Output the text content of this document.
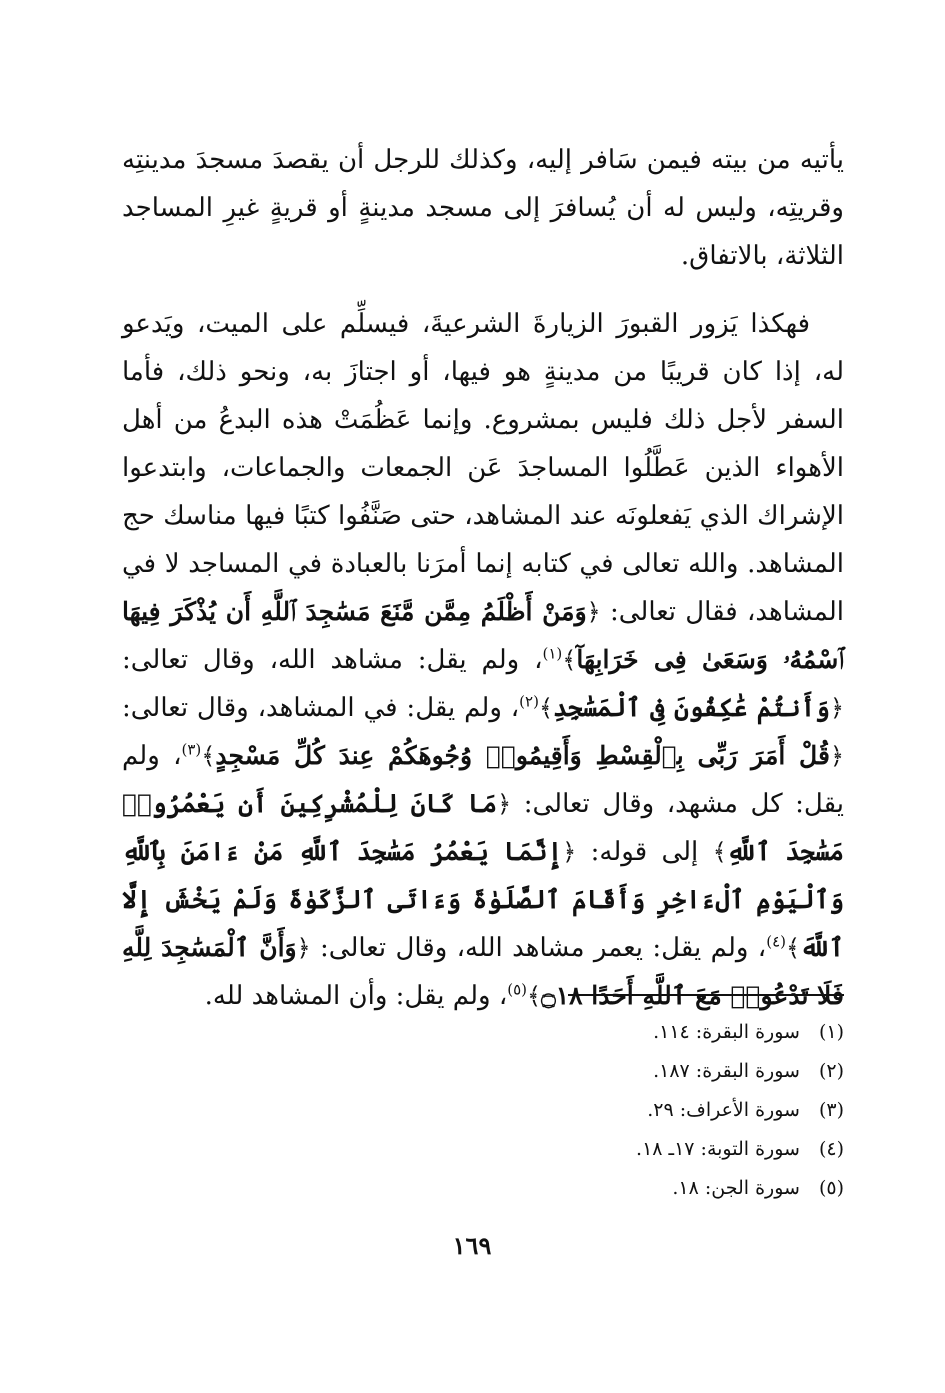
يأتيه من بيته فيمن سَافر إليه، وكذلك للرجل أن يقصدَ مسجدَ مدينتِه وقريتِه، وليس له أن يُسافرَ إلى مسجد مدينةٍ أو قريةٍ غيرِ المساجد الثلاثة، بالاتفاق.

فهكذا يَزور القبورَ الزيارةَ الشرعيةَ، فيسلِّم على الميت، ويَدعو له، إذا كان قريبًا من مدينةٍ هو فيها، أو اجتازَ به، ونحو ذلك، فأما السفر لأجل ذلك فليس بمشروع. وإنما عَظُمَتْ هذه البدعُ من أهل الأهواء الذين عَطَّلُوا المساجدَ عَن الجمعات والجماعات، وابتدعوا الإشراك الذي يَفعلونَه عند المشاهد، حتى صَنَّفُوا كتبًا فيها مناسك حج المشاهد. والله تعالى في كتابه إنما أمرَنا بالعبادة في المساجد لا في المشاهد، فقال تعالى: ﴿وَمَنْ أَظْلَمُ مِمَّن مَّنَعَ مَسَٰجِدَ ٱللَّهِ أَن يُذْكَرَ فِيهَا ٱسْمُهُۥ وَسَعَىٰ فِى خَرَابِهَآ﴾$^{(١)}$، ولم يقل: مشاهد الله، وقال تعالى: ﴿وَأَنتُمْ عَٰكِفُونَ فِى ٱلْمَسَٰجِدِ﴾$^{(٢)}$، ولم يقل: في المشاهد، وقال تعالى: ﴿قُلْ أَمَرَ رَبِّى بِٱلْقِسْطِ وَأَقِيمُوا۟ وُجُوهَكُمْ عِندَ كُلِّ مَسْجِدٍ﴾$^{(٣)}$، ولم يقل: كل مشهد، وقال تعالى: ﴿مَا كَانَ لِلْمُشْرِكِينَ أَن يَعْمُرُوا۟ مَسَٰجِدَ ٱللَّهِ﴾ إلى قوله: ﴿إِنَّمَا يَعْمُرُ مَسَٰجِدَ ٱللَّهِ مَنْ ءَامَنَ بِٱللَّهِ وَٱلْيَوْمِ ٱلْءَاخِرِ وَأَقَامَ ٱلصَّلَوٰةَ وَءَاتَى ٱلزَّكَوٰةَ وَلَمْ يَخْشَ إِلَّا ٱللَّهَ﴾$^{(٤)}$، ولم يقل: يعمر مشاهد الله، وقال تعالى: ﴿وَأَنَّ ٱلْمَسَٰجِدَ لِلَّهِ فَلَا تَدْعُوا۟ مَعَ ٱللَّهِ أَحَدًا ۝١٨﴾$^{(٥)}$، ولم يقل: وأن المشاهد لله.

(١) سورة البقرة: ١١٤.
(٢) سورة البقرة: ١٨٧.
(٣) سورة الأعراف: ٢٩.
(٤) سورة التوبة: ١٧ـ ١٨.
(٥) سورة الجن: ١٨.
١٦٩
